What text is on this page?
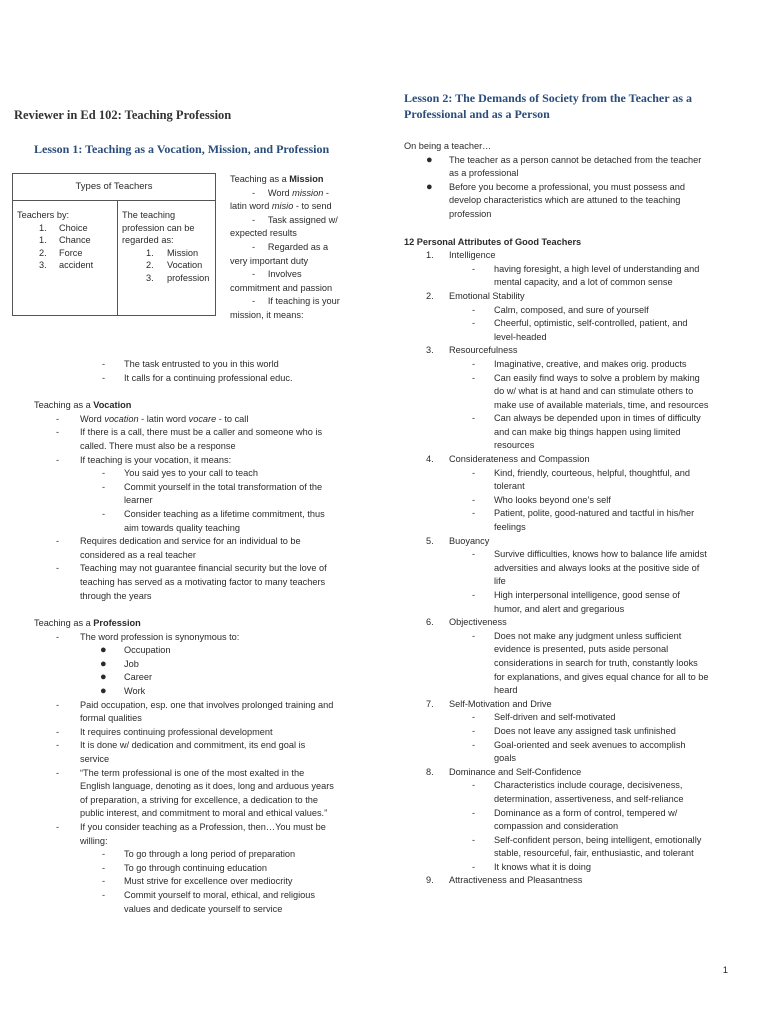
Reviewer in Ed 102: Teaching Profession
Lesson 1: Teaching as a Vocation, Mission, and Profession
Types of Teachers

Teachers by:
1.	Choice
1.	Chance
2.	Force
3.	accident

The teaching profession can be regarded as:
1.	Mission
2.	Vocation
3.	profession
Teaching as a Mission
-     Word mission -
latin word misio - to send
-     Task assigned w/
expected results
-     Regarded as a
very important duty
-     Involves
commitment and passion
-     If teaching is your
mission, it means:
-	The task entrusted to you in this world
-	It calls for a continuing professional educ.
Teaching as a Vocation
- Word vocation - latin word vocare - to call
-	If there is a call, there must be a caller and someone who is
called. There must also be a response
-	If teaching is your vocation, it means:
-	You said yes to your call to teach
-	Commit yourself in the total transformation of the
learner
-	Consider teaching as a lifetime commitment, thus
aim towards quality teaching
-	Requires dedication and service for an individual to be
considered as a real teacher
-	Teaching may not guarantee financial security but the love of
teaching has served as a motivating factor to many teachers
through the years
Teaching as a Profession
-	The word profession is synonymous to:
●	Occupation
●	Job
●	Career
●	Work
-	Paid occupation, esp. one that involves prolonged training and
formal qualities
-	It requires continuing professional development
-	It is done w/ dedication and commitment, its end goal is
service
-	“The term professional is one of the most exalted in the
English language, denoting as it does, long and arduous years
of preparation, a striving for excellence, a dedication to the
public interest, and commitment to moral and ethical values.”
-	If you consider teaching as a Profession, then…You must be
willing:
-	To go through a long period of preparation
-	To go through continuing education
-	Must strive for excellence over mediocrity
-	Commit yourself to moral, ethical, and religious
values and dedicate yourself to service
Lesson 2: The Demands of Society from the Teacher as a
Professional and as a Person
On being a teacher…
●	The teacher as a person cannot be detached from the teacher
as a professional
●	Before you become a professional, you must possess and
develop characteristics which are attuned to the teaching
profession
12 Personal Attributes of Good Teachers
1.	Intelligence
-	having foresight, a high level of understanding and
mental capacity, and a lot of common sense
2.	Emotional Stability
-	Calm, composed, and sure of yourself
-	Cheerful, optimistic, self-controlled, patient, and
level-headed
3.	Resourcefulness
-	Imaginative, creative, and makes orig. products
-	Can easily find ways to solve a problem by making
do w/ what is at hand and can stimulate others to
make use of available materials, time, and resources
-	Can always be depended upon in times of difficulty
and can make big things happen using limited
resources
4.	Considerateness and Compassion
-	Kind, friendly, courteous, helpful, thoughtful, and
tolerant
-	Who looks beyond one’s self
-	Patient, polite, good-natured and tactful in his/her
feelings
5.	Buoyancy
-	Survive difficulties, knows how to balance life amidst
adversities and always looks at the positive side of
life
-	High interpersonal intelligence, good sense of
humor, and alert and gregarious
6.	Objectiveness
-	Does not make any judgment unless sufficient
evidence is presented, puts aside personal
considerations in search for truth, constantly looks
for explanations, and gives equal chance for all to be
heard
7.	Self-Motivation and Drive
-	Self-driven and self-motivated
-	Does not leave any assigned task unfinished
-	Goal-oriented and seek avenues to accomplish
goals
8.	Dominance and Self-Confidence
-	Characteristics include courage, decisiveness,
determination, assertiveness, and self-reliance
-	Dominance as a form of control, tempered w/
compassion and consideration
-	Self-confident person, being intelligent, emotionally
stable, resourceful, fair, enthusiastic, and tolerant
-	It knows what it is doing
9.	Attractiveness and Pleasantness
1
